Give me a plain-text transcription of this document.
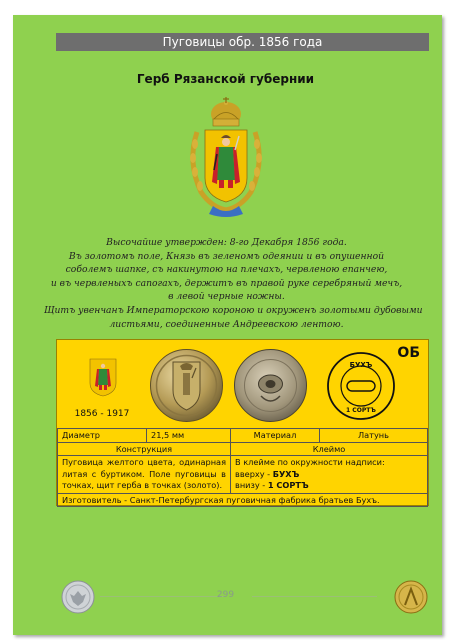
Пуговицы обр. 1856 года
Герб Рязанской губернии
Высочайше утвержден: 8-го Декабря 1856 года.
Въ золотомъ поле, Князь въ зеленомъ одеянии и въ опушенной
соболемъ шапке, съ накинутою на плечахъ, червленою епанчею,
и въ червленыхъ сапогахъ, держитъ въ правой руке серебряный мечъ,
в левой черные ножны.
Щитъ увенчанъ Императорскою короною и окруженъ золотыми дубовыми
листьями, соединенные Андреевскою лентою.
1856 - 1917
БУХЪ
1 СОРТЪ
ОБ
Диаметр	21,5 мм	Материал	Латунь
Конструкция		Клеймо	
Пуговица желтого цвета, одинарная литая с буртиком. Поле пуговицы в точках, щит герба в точках (золото).		В клейме по окружности надписи:
вверху - БУХЪ
внизу - 1 СОРТЪ	

Изготовитель - Санкт-Петербургская пуговичная фабрика братьев Бухъ.			
299
